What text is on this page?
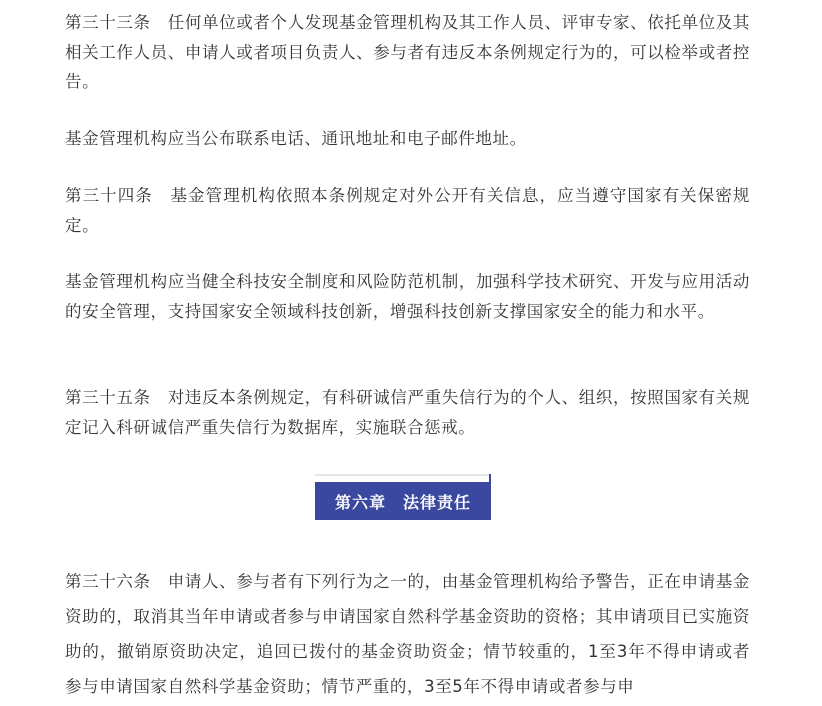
第三十三条　任何单位或者个人发现基金管理机构及其工作人员、评审专家、依托单位及其相关工作人员、申请人或者项目负责人、参与者有违反本条例规定行为的，可以检举或者控告。

基金管理机构应当公布联系电话、通讯地址和电子邮件地址。

第三十四条　基金管理机构依照本条例规定对外公开有关信息，应当遵守国家有关保密规定。

基金管理机构应当健全科技安全制度和风险防范机制，加强科学技术研究、开发与应用活动的安全管理，支持国家安全领域科技创新，增强科技创新支撑国家安全的能力和水平。

第三十五条　对违反本条例规定，有科研诚信严重失信行为的个人、组织，按照国家有关规定记入科研诚信严重失信行为数据库，实施联合惩戒。

第三十六条　申请人、参与者有下列行为之一的，由基金管理机构给予警告，正在申请基金资助的，取消其当年申请或者参与申请国家自然科学基金资助的资格；其申请项目已实施资助的，撤销原资助决定，追回已拨付的基金资助资金；情节较重的，1至3年不得申请或者参与申请国家自然科学基金资助；情节严重的，3至5年不得申请或者参与申

第六章　法律责任
